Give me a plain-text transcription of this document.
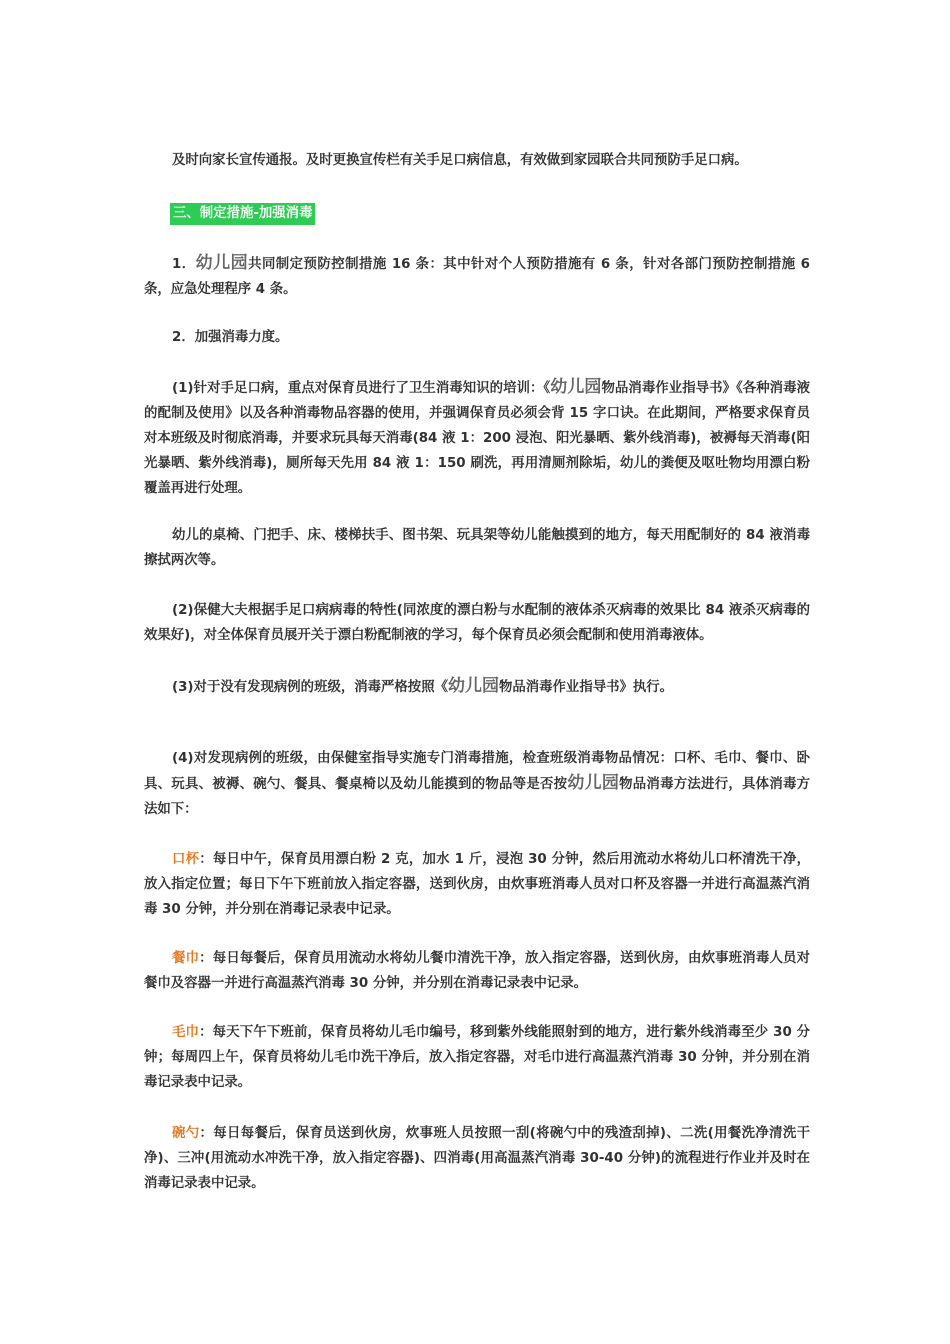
及时向家长宣传通报。及时更换宣传栏有关手足口病信息，有效做到家园联合共同预防手足口病。

三、制定措施-加强消毒

1．幼儿园共同制定预防控制措施 16 条：其中针对个人预防措施有 6 条，针对各部门预防控制措施 6 条，应急处理程序 4 条。

2．加强消毒力度。

(1)针对手足口病，重点对保育员进行了卫生消毒知识的培训：《幼儿园物品消毒作业指导书》《各种消毒液的配制及使用》以及各种消毒物品容器的使用，并强调保育员必须会背 15 字口诀。在此期间，严格要求保育员对本班级及时彻底消毒，并要求玩具每天消毒(84 液 1：200 浸泡、阳光暴晒、紫外线消毒)，被褥每天消毒(阳光暴晒、紫外线消毒)，厕所每天先用 84 液 1：150 刷洗，再用清厕剂除垢，幼儿的粪便及呕吐物均用漂白粉覆盖再进行处理。

幼儿的桌椅、门把手、床、楼梯扶手、图书架、玩具架等幼儿能触摸到的地方，每天用配制好的 84 液消毒擦拭两次等。

(2)保健大夫根据手足口病病毒的特性(同浓度的漂白粉与水配制的液体杀灭病毒的效果比 84 液杀灭病毒的效果好)，对全体保育员展开关于漂白粉配制液的学习，每个保育员必须会配制和使用消毒液体。

(3)对于没有发现病例的班级，消毒严格按照《幼儿园物品消毒作业指导书》执行。

(4)对发现病例的班级，由保健室指导实施专门消毒措施，检查班级消毒物品情况：口杯、毛巾、餐巾、卧具、玩具、被褥、碗勺、餐具、餐桌椅以及幼儿能摸到的物品等是否按幼儿园物品消毒方法进行，具体消毒方法如下：

口杯：每日中午，保育员用漂白粉 2 克，加水 1 斤，浸泡 30 分钟，然后用流动水将幼儿口杯清洗干净，放入指定位置；每日下午下班前放入指定容器，送到伙房，由炊事班消毒人员对口杯及容器一并进行高温蒸汽消毒 30 分钟，并分别在消毒记录表中记录。

餐巾：每日每餐后，保育员用流动水将幼儿餐巾清洗干净，放入指定容器，送到伙房，由炊事班消毒人员对餐巾及容器一并进行高温蒸汽消毒 30 分钟，并分别在消毒记录表中记录。

毛巾：每天下午下班前，保育员将幼儿毛巾编号，移到紫外线能照射到的地方，进行紫外线消毒至少 30 分钟；每周四上午，保育员将幼儿毛巾洗干净后，放入指定容器，对毛巾进行高温蒸汽消毒 30 分钟，并分别在消毒记录表中记录。

碗勺：每日每餐后，保育员送到伙房，炊事班人员按照一刮(将碗勺中的残渣刮掉)、二洗(用餐洗净清洗干净)、三冲(用流动水冲洗干净，放入指定容器)、四消毒(用高温蒸汽消毒 30-40 分钟)的流程进行作业并及时在消毒记录表中记录。
